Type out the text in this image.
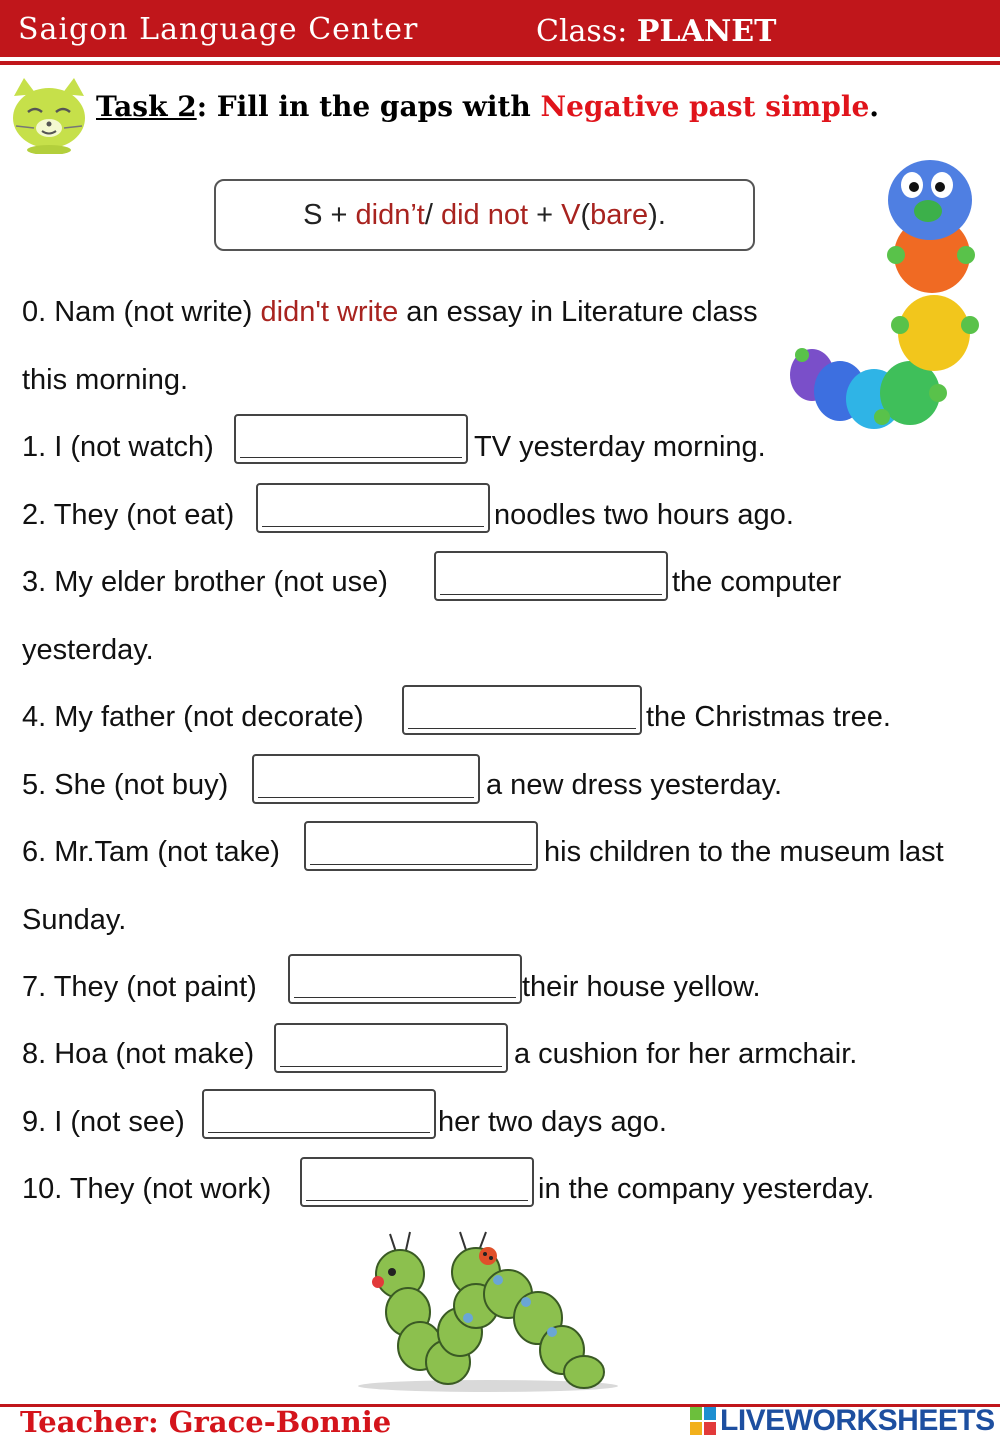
Saigon Language Center	Class: PLANET
Task 2: Fill in the gaps with Negative past simple.
S + didn’t / did not + V ( bare ).
0. Nam (not write) didn't write an essay in Literature class
this morning.
1. I (not watch)	TV yesterday morning.
2. They (not eat)	noodles two hours ago.
3. My elder brother (not use)	the computer
yesterday.
4. My father (not decorate)	the Christmas tree.
5. She (not buy)	a new dress yesterday.
6. Mr.Tam (not take)	his children to the museum last
Sunday.
7. They (not paint)	their house yellow.
8. Hoa (not make)	a cushion for her armchair.
9. I (not see)	her two days ago.
10. They (not work)	in the company yesterday.
Teacher: Grace-Bonnie	LIVEWORKSHEETS
